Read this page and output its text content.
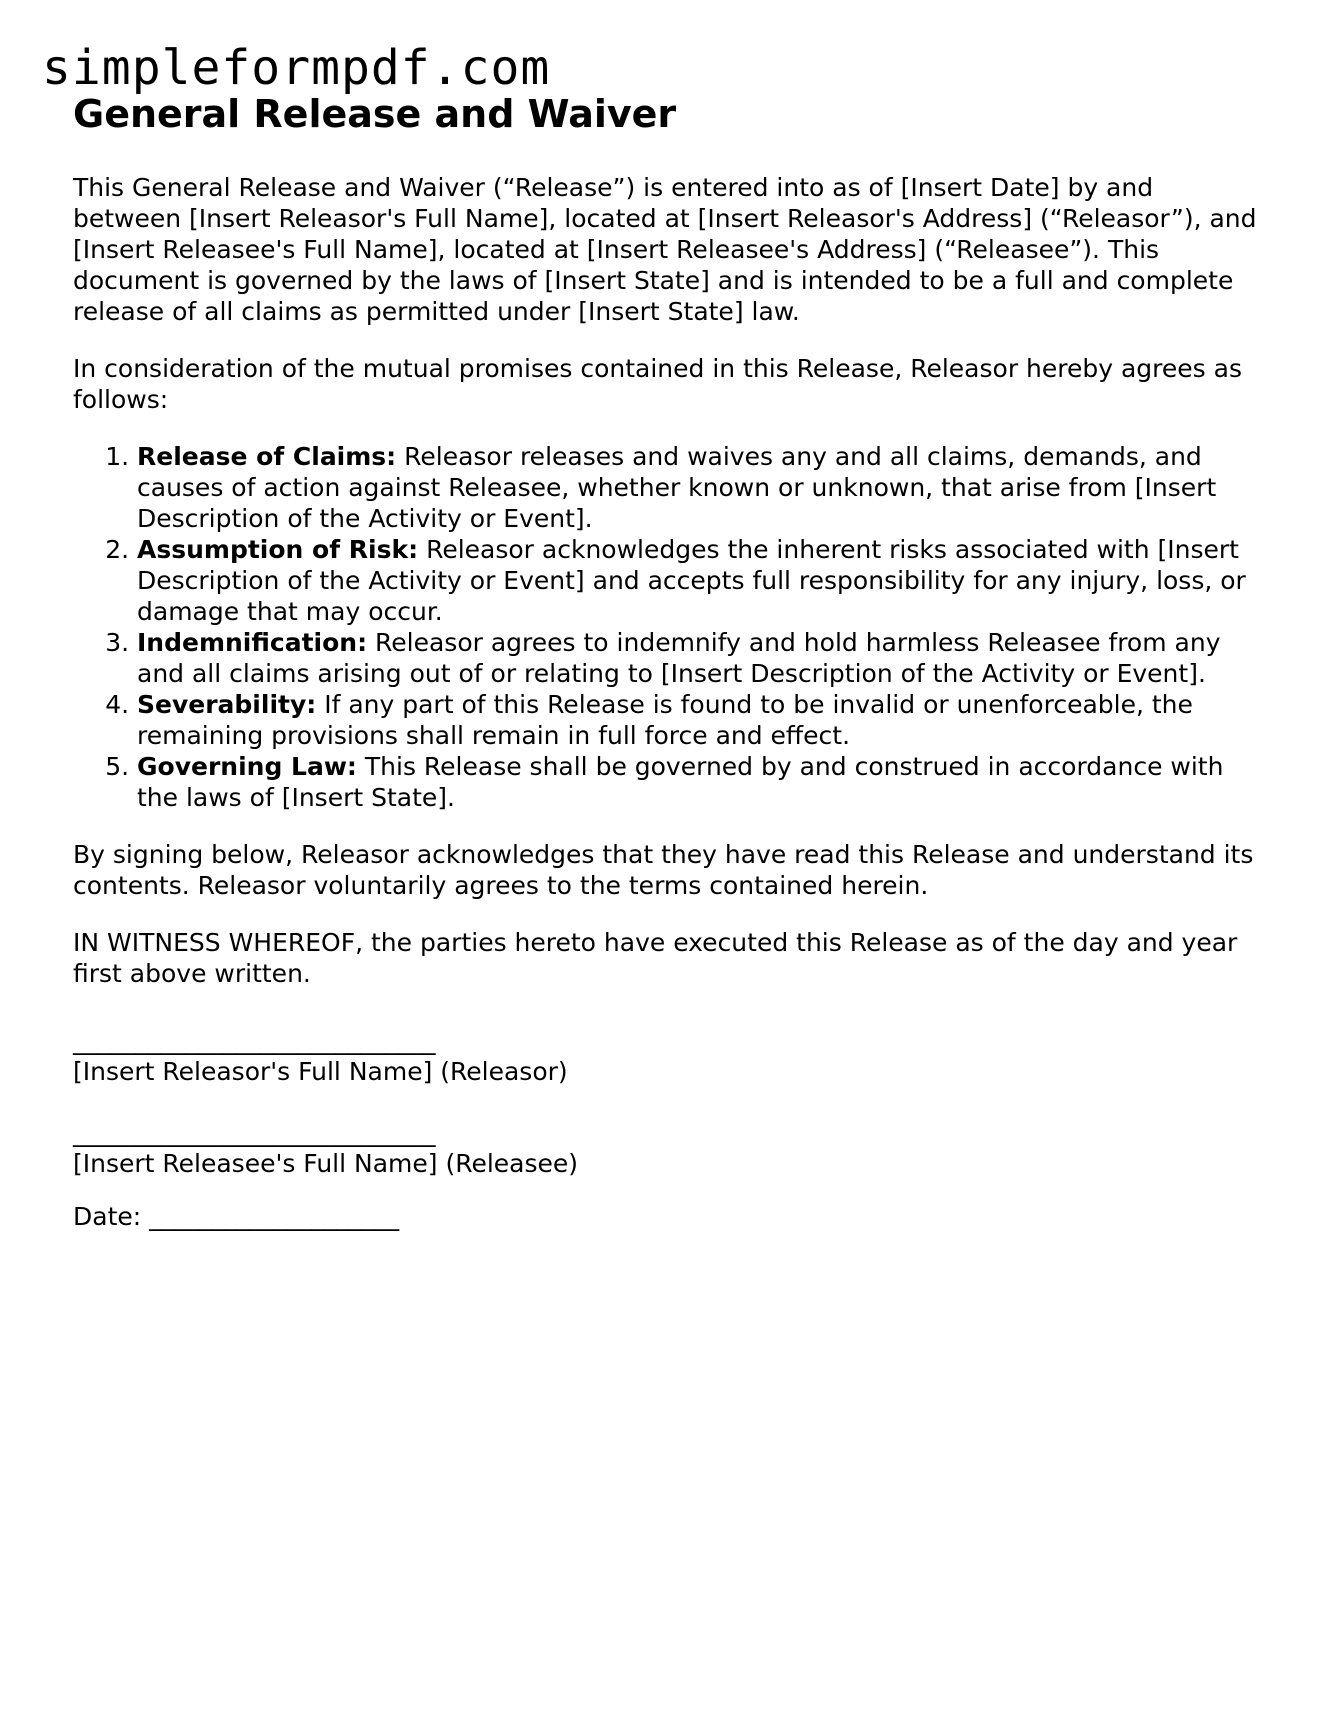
simpleformpdf.com
General Release and Waiver

This General Release and Waiver (“Release”) is entered into as of [Insert Date] by and between [Insert Releasor's Full Name], located at [Insert Releasor's Address] (“Releasor”), and [Insert Releasee's Full Name], located at [Insert Releasee's Address] (“Releasee”). This document is governed by the laws of [Insert State] and is intended to be a full and complete release of all claims as permitted under [Insert State] law.

In consideration of the mutual promises contained in this Release, Releasor hereby agrees as follows:

1. Release of Claims: Releasor releases and waives any and all claims, demands, and causes of action against Releasee, whether known or unknown, that arise from [Insert Description of the Activity or Event].
2. Assumption of Risk: Releasor acknowledges the inherent risks associated with [Insert Description of the Activity or Event] and accepts full responsibility for any injury, loss, or damage that may occur.
3. Indemnification: Releasor agrees to indemnify and hold harmless Releasee from any and all claims arising out of or relating to [Insert Description of the Activity or Event].
4. Severability: If any part of this Release is found to be invalid or unenforceable, the remaining provisions shall remain in full force and effect.
5. Governing Law: This Release shall be governed by and construed in accordance with the laws of [Insert State].

By signing below, Releasor acknowledges that they have read this Release and understand its contents. Releasor voluntarily agrees to the terms contained herein.

IN WITNESS WHEREOF, the parties hereto have executed this Release as of the day and year first above written.

_____________________________
[Insert Releasor's Full Name] (Releasor)
_____________________________
[Insert Releasee's Full Name] (Releasee)
Date: ____________________
